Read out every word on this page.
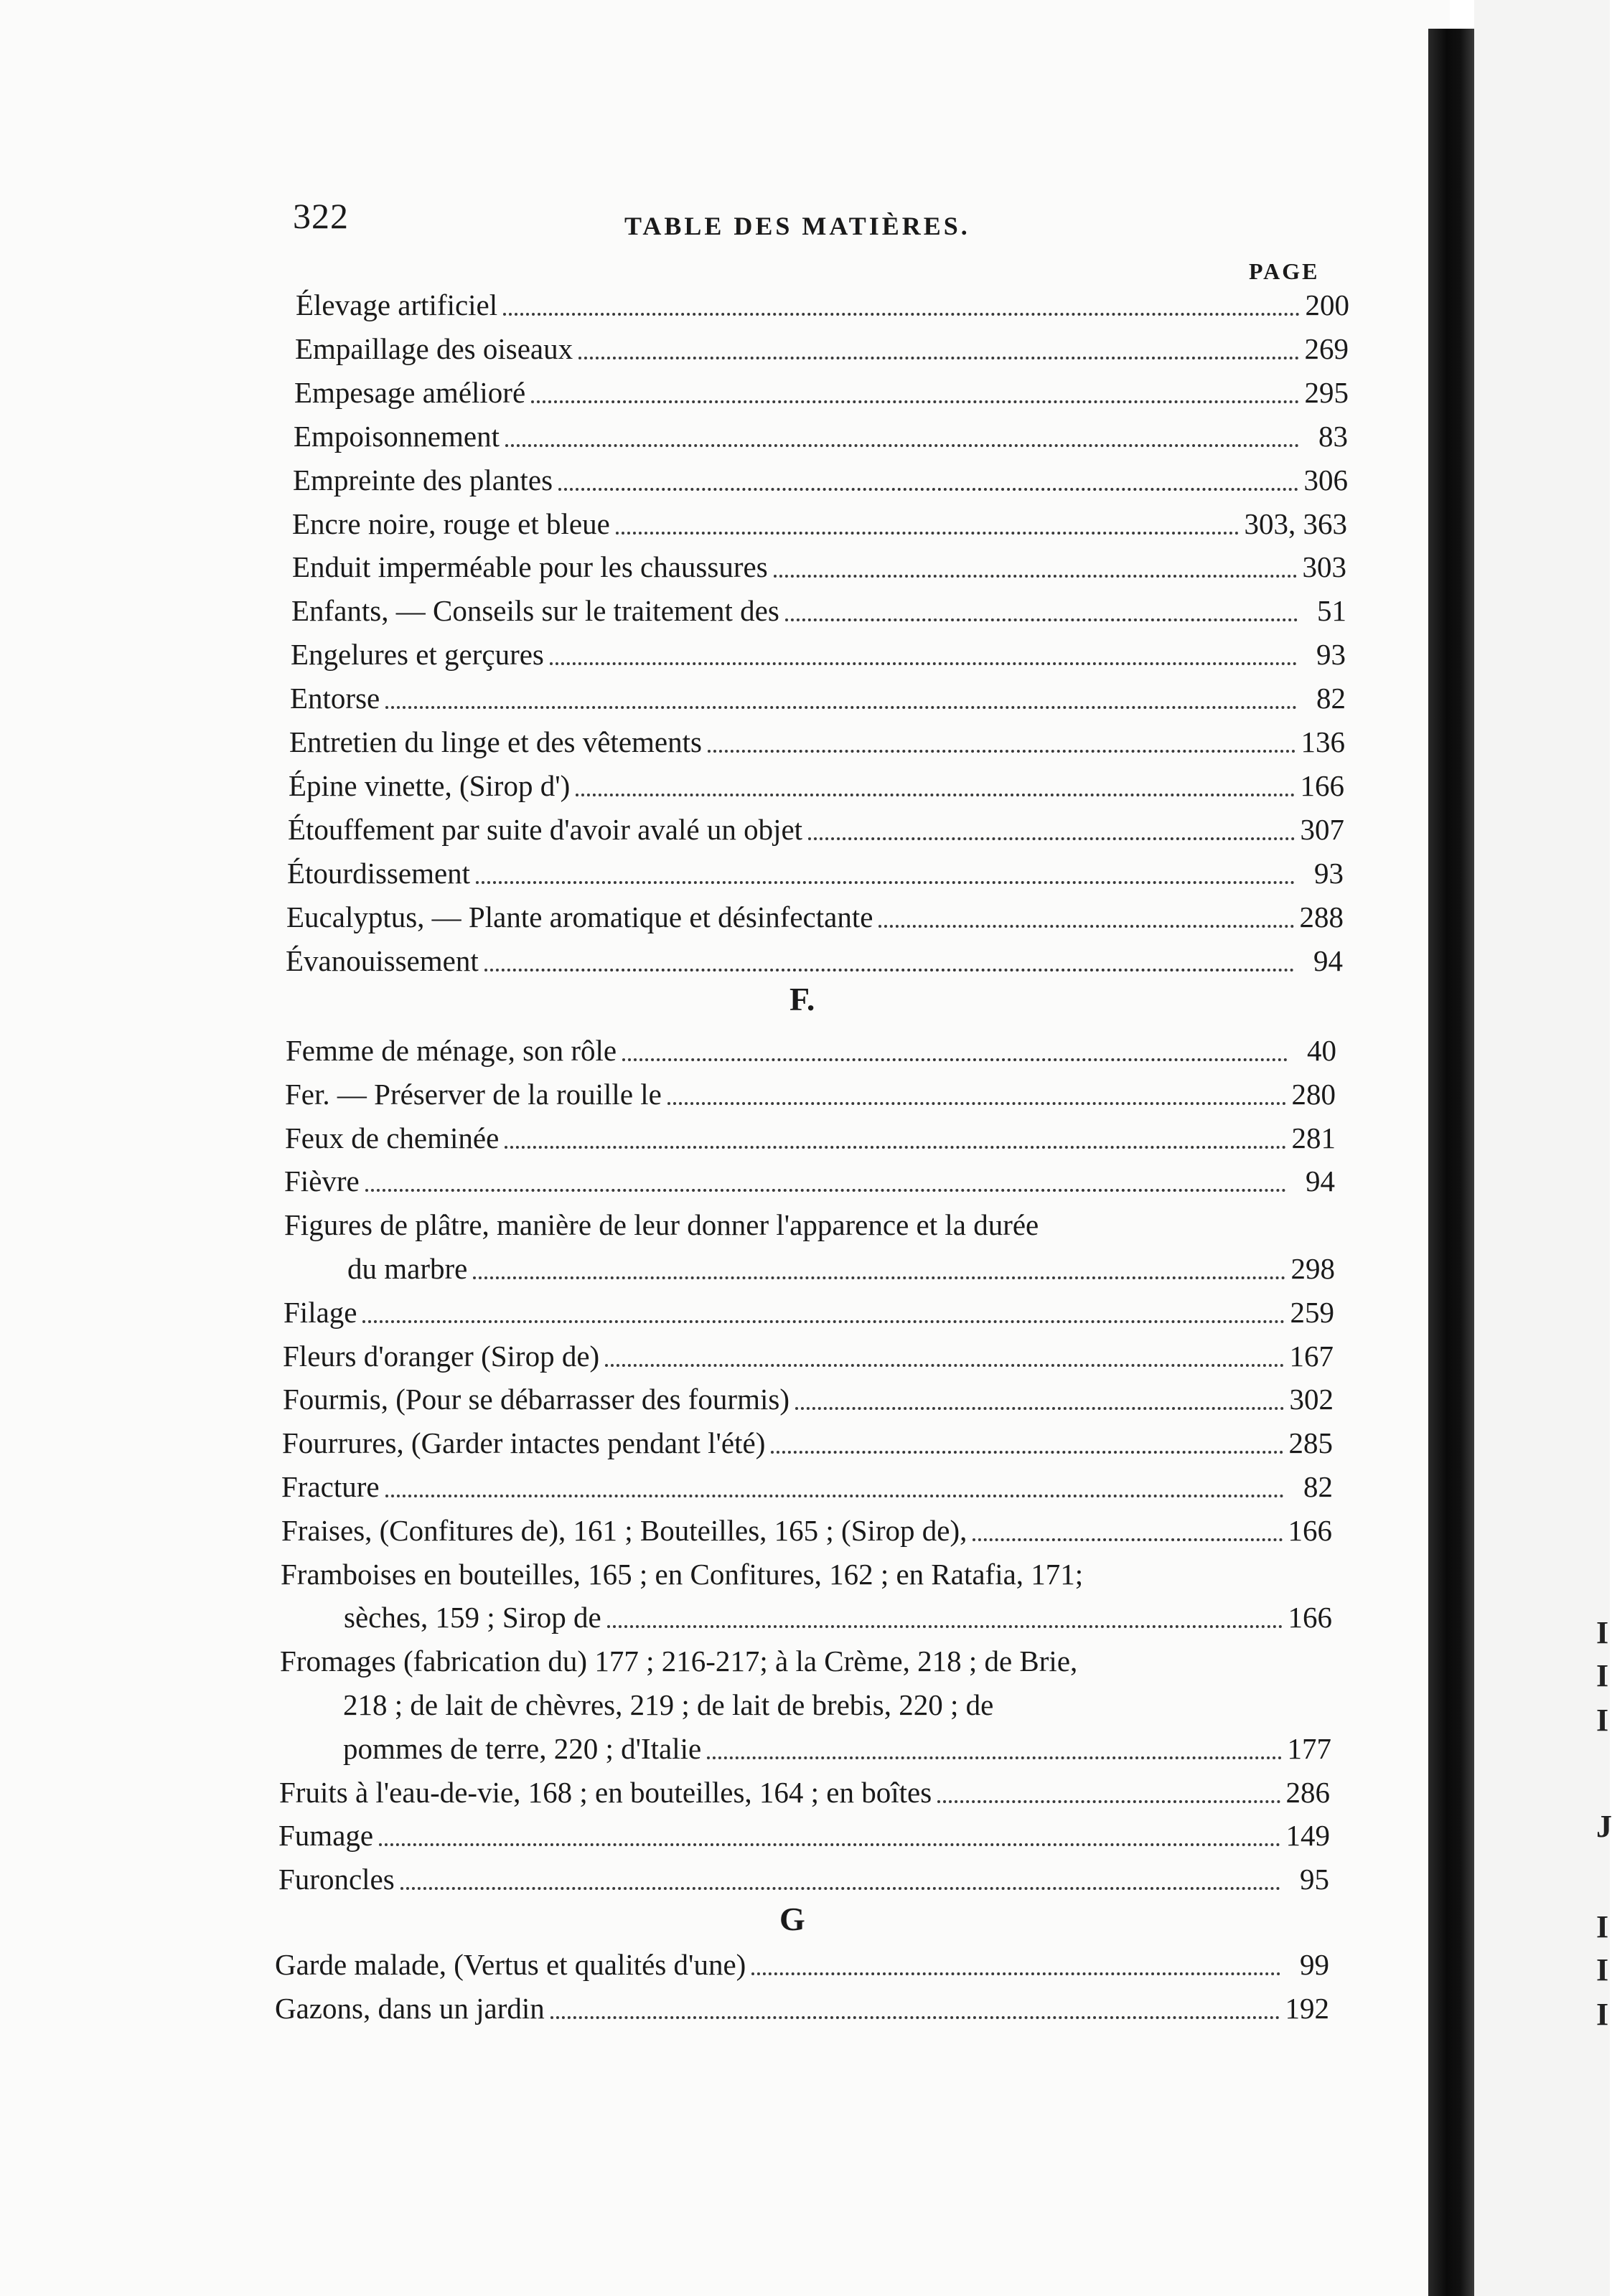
322	TABLE DES MATIÈRES.
PAGE
Élevage artificiel	200
Empaillage des oiseaux	269
Empesage amélioré	295
Empoisonnement	83
Empreinte des plantes	306
Encre noire, rouge et bleue	303, 363
Enduit imperméable pour les chaussures	303
Enfants, — Conseils sur le traitement des	51
Engelures et gerçures	93
Entorse	82
Entretien du linge et des vêtements	136
Épine vinette, (Sirop d')	166
Étouffement par suite d'avoir avalé un objet	307
Étourdissement	93
Eucalyptus, — Plante aromatique et désinfectante	288
Évanouissement	94
F.
Femme de ménage, son rôle	40
Fer. — Préserver de la rouille le	280
Feux de cheminée	281
Fièvre	94
Figures de plâtre, manière de leur donner l'apparence et la durée
du marbre	298
Filage	259
Fleurs d'oranger (Sirop de)	167
Fourmis, (Pour se débarrasser des fourmis)	302
Fourrures, (Garder intactes pendant l'été)	285
Fracture	82
Fraises, (Confitures de), 161 ; Bouteilles, 165 ; (Sirop de),	166
Framboises en bouteilles, 165 ; en Confitures, 162 ; en Ratafia, 171;
sèches, 159 ; Sirop de	166
Fromages (fabrication du) 177 ; 216-217; à la Crème, 218 ; de Brie,
218 ; de lait de chèvres, 219 ; de lait de brebis, 220 ; de
pommes de terre, 220 ; d'Italie	177
Fruits à l'eau-de-vie, 168 ; en bouteilles, 164 ; en boîtes	286
Fumage	149
Furoncles	95
G
Garde malade, (Vertus et qualités d'une)	99
Gazons, dans un jardin	192
I
I
I
J
I
I
I
